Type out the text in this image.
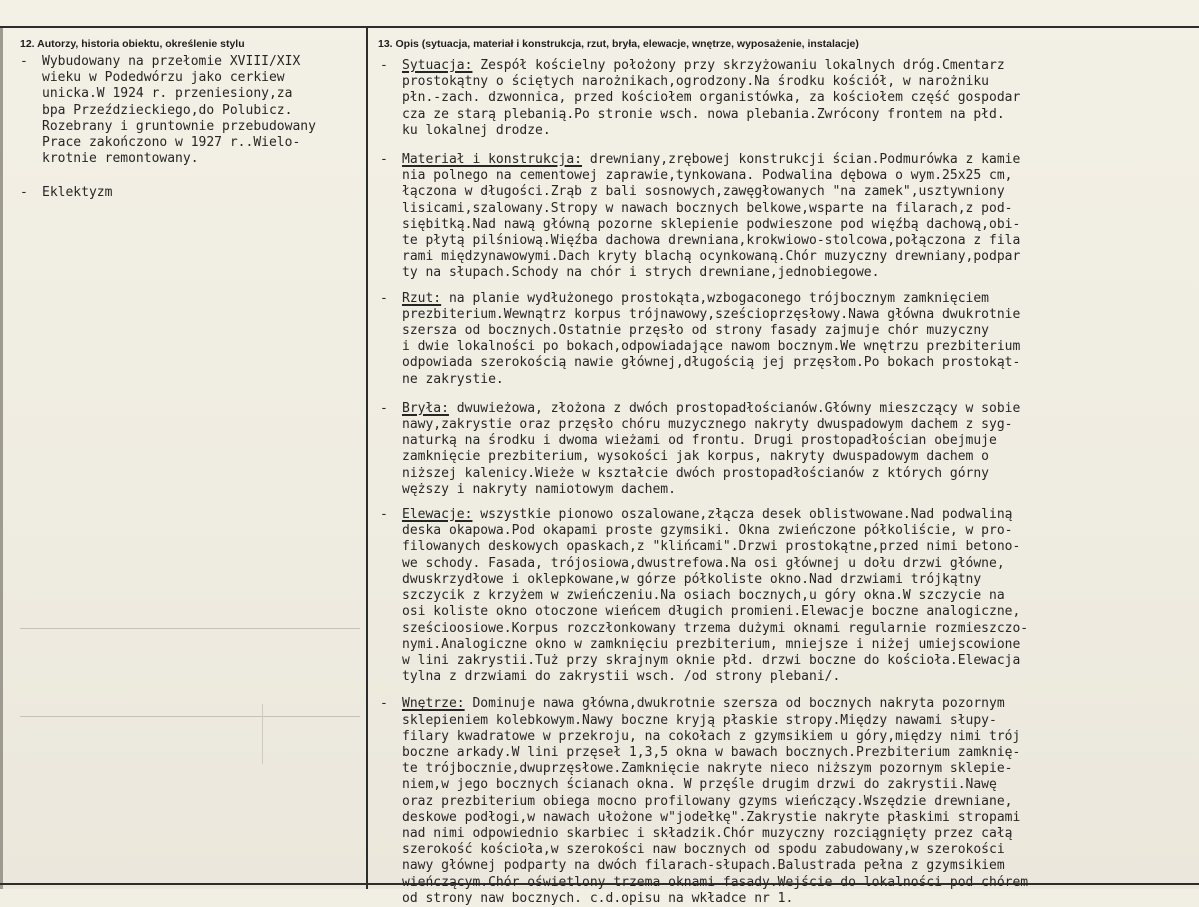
12. Autorzy, historia obiektu, określenie stylu	13. Opis (sytuacja, materiał i konstrukcja, rzut, bryła, elewacje, wnętrze, wyposażenie, instalacje)
-	Wybudowany na przełomie XVIII/XIX
wieku w Podedwórzu jako cerkiew
unicka.W 1924 r. przeniesiony,za
bpa Przeździeckiego,do Polubicz.
Rozebrany i gruntownie przebudowany
Prace zakończono w 1927 r..Wielo-
krotnie remontowany.
-	Eklektyzm
-	Sytuacja: Zespół kościelny położony przy skrzyżowaniu lokalnych dróg.Cmentarz
prostokątny o ściętych narożnikach,ogrodzony.Na środku kościół, w narożniku
płn.-zach. dzwonnica, przed kościołem organistówka, za kościołem część gospodar
cza ze starą plebanią.Po stronie wsch. nowa plebania.Zwrócony frontem na płd.
ku lokalnej drodze.
-	Materiał i konstrukcja: drewniany,zrębowej konstrukcji ścian.Podmurówka z kamie
nia polnego na cementowej zaprawie,tynkowana. Podwalina dębowa o wym.25x25 cm,
łączona w długości.Zrąb z bali sosnowych,zawęgłowanych "na zamek",usztywniony
lisicami,szalowany.Stropy w nawach bocznych belkowe,wsparte na filarach,z pod-
siębitką.Nad nawą główną pozorne sklepienie podwieszone pod więźbą dachową,obi-
te płytą pilśniową.Więźba dachowa drewniana,krokwiowo-stolcowa,połączona z fila
rami międzynawowymi.Dach kryty blachą ocynkowaną.Chór muzyczny drewniany,podpar
ty na słupach.Schody na chór i strych drewniane,jednobiegowe.
-	Rzut: na planie wydłużonego prostokąta,wzbogaconego trójbocznym zamknięciem
prezbiterium.Wewnątrz korpus trójnawowy,sześcioprzęsłowy.Nawa główna dwukrotnie
szersza od bocznych.Ostatnie przęsło od strony fasady zajmuje chór muzyczny
i dwie lokalności po bokach,odpowiadające nawom bocznym.We wnętrzu prezbiterium
odpowiada szerokością nawie głównej,długością jej przęsłom.Po bokach prostokąt-
ne zakrystie.
-	Bryła: dwuwieżowa, złożona z dwóch prostopadłościanów.Główny mieszczący w sobie
nawy,zakrystie oraz przęsło chóru muzycznego nakryty dwuspadowym dachem z syg-
naturką na środku i dwoma wieżami od frontu. Drugi prostopadłościan obejmuje
zamknięcie prezbiterium, wysokości jak korpus, nakryty dwuspadowym dachem o
niższej kalenicy.Wieże w kształcie dwóch prostopadłościanów z których górny
węższy i nakryty namiotowym dachem.
-	Elewacje: wszystkie pionowo oszalowane,złącza desek oblistwowane.Nad podwaliną
deska okapowa.Pod okapami proste gzymsiki. Okna zwieńczone półkoliście, w pro-
filowanych deskowych opaskach,z "klińcami".Drzwi prostokątne,przed nimi betono-
we schody. Fasada, trójosiowa,dwustrefowa.Na osi głównej u dołu drzwi główne,
dwuskrzydłowe i oklepkowane,w górze półkoliste okno.Nad drzwiami trójkątny
szczycik z krzyżem w zwieńczeniu.Na osiach bocznych,u góry okna.W szczycie na
osi koliste okno otoczone wieńcem długich promieni.Elewacje boczne analogiczne,
sześcioosiowe.Korpus rozczłonkowany trzema dużymi oknami regularnie rozmieszczo-
nymi.Analogiczne okno w zamknięciu prezbiterium, mniejsze i niżej umiejscowione
w lini zakrystii.Tuż przy skrajnym oknie płd. drzwi boczne do kościoła.Elewacja
tylna z drzwiami do zakrystii wsch. /od strony plebani/.
-	Wnętrze: Dominuje nawa główna,dwukrotnie szersza od bocznych nakryta pozornym
sklepieniem kolebkowym.Nawy boczne kryją płaskie stropy.Między nawami słupy-
filary kwadratowe w przekroju, na cokołach z gzymsikiem u góry,między nimi trój
boczne arkady.W lini przęseł 1,3,5 okna w bawach bocznych.Prezbiterium zamknię-
te trójbocznie,dwuprzęsłowe.Zamknięcie nakryte nieco niższym pozornym sklepie-
niem,w jego bocznych ścianach okna. W przęśle drugim drzwi do zakrystii.Nawę
oraz prezbiterium obiega mocno profilowany gzyms wieńczący.Wszędzie drewniane,
deskowe podłogi,w nawach ułożone w"jodełkę".Zakrystie nakryte płaskimi stropami
nad nimi odpowiednio skarbiec i składzik.Chór muzyczny rozciągnięty przez całą
szerokość kościoła,w szerokości naw bocznych od spodu zabudowany,w szerokości
nawy głównej podparty na dwóch filarach-słupach.Balustrada pełna z gzymsikiem
wieńczącym.Chór oświetlony trzema oknami fasady.Wejście do lokalności pod chórem
od strony naw bocznych. c.d.opisu na wkładce nr 1.
